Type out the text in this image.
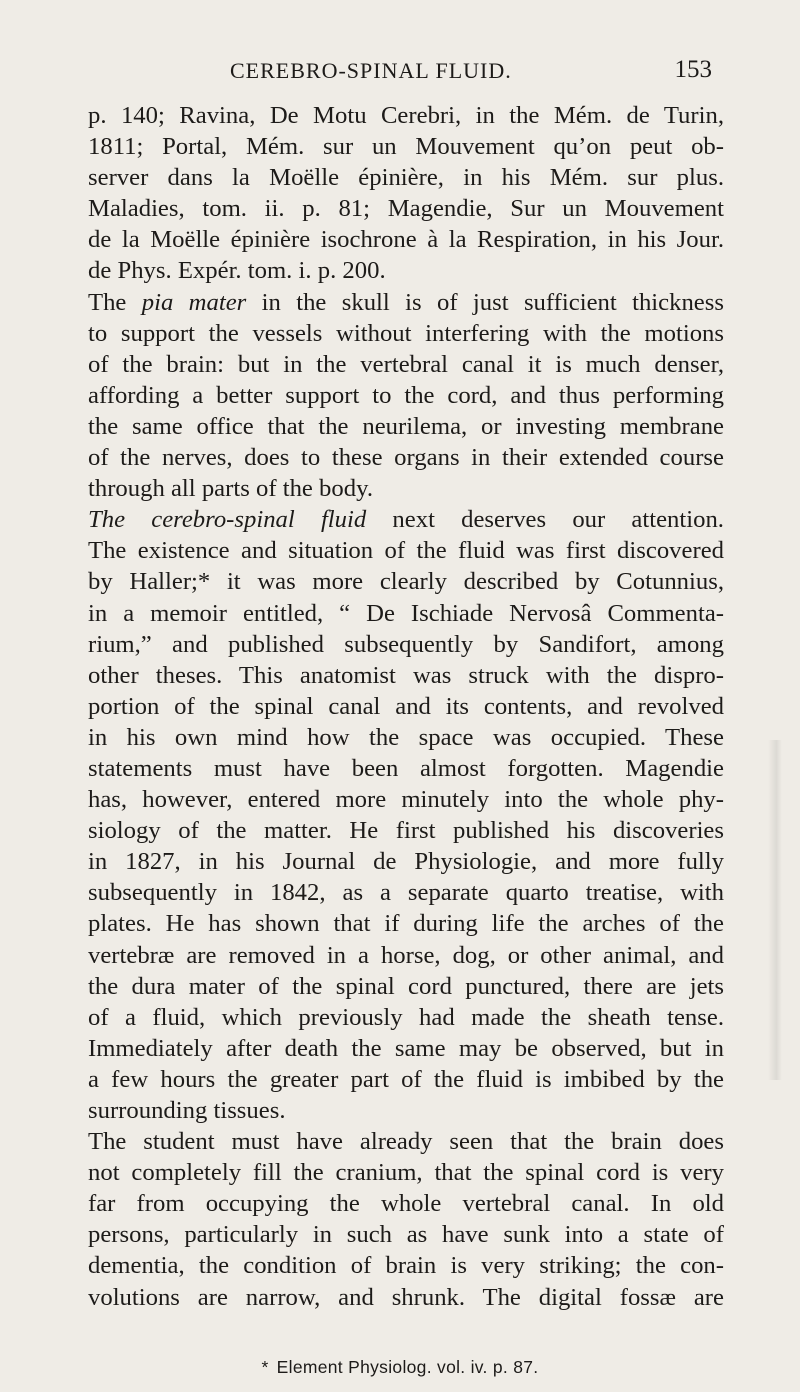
CEREBRO-SPINAL FLUID.	153
p. 140; Ravina, De Motu Cerebri, in the Mém. de Turin,
1811; Portal, Mém. sur un Mouvement qu’on peut ob-
server dans la Moëlle épinière, in his Mém. sur plus.
Maladies, tom. ii. p. 81; Magendie, Sur un Mouvement
de la Moëlle épinière isochrone à la Respiration, in his Jour.
de Phys. Expér. tom. i. p. 200.
The pia mater in the skull is of just sufficient thickness
to support the vessels without interfering with the motions
of the brain: but in the vertebral canal it is much denser,
affording a better support to the cord, and thus performing
the same office that the neurilema, or investing membrane
of the nerves, does to these organs in their extended course
through all parts of the body.
The cerebro-spinal fluid next deserves our attention.
The existence and situation of the fluid was first discovered
by Haller;* it was more clearly described by Cotunnius,
in a memoir entitled, “ De Ischiade Nervosâ Commenta-
rium,” and published subsequently by Sandifort, among
other theses. This anatomist was struck with the dispro-
portion of the spinal canal and its contents, and revolved
in his own mind how the space was occupied. These
statements must have been almost forgotten. Magendie
has, however, entered more minutely into the whole phy-
siology of the matter. He first published his discoveries
in 1827, in his Journal de Physiologie, and more fully
subsequently in 1842, as a separate quarto treatise, with
plates. He has shown that if during life the arches of the
vertebræ are removed in a horse, dog, or other animal, and
the dura mater of the spinal cord punctured, there are jets
of a fluid, which previously had made the sheath tense.
Immediately after death the same may be observed, but in
a few hours the greater part of the fluid is imbibed by the
surrounding tissues.
The student must have already seen that the brain does
not completely fill the cranium, that the spinal cord is very
far from occupying the whole vertebral canal. In old
persons, particularly in such as have sunk into a state of
dementia, the condition of brain is very striking; the con-
volutions are narrow, and shrunk. The digital fossæ are
* Element Physiolog. vol. iv. p. 87.
